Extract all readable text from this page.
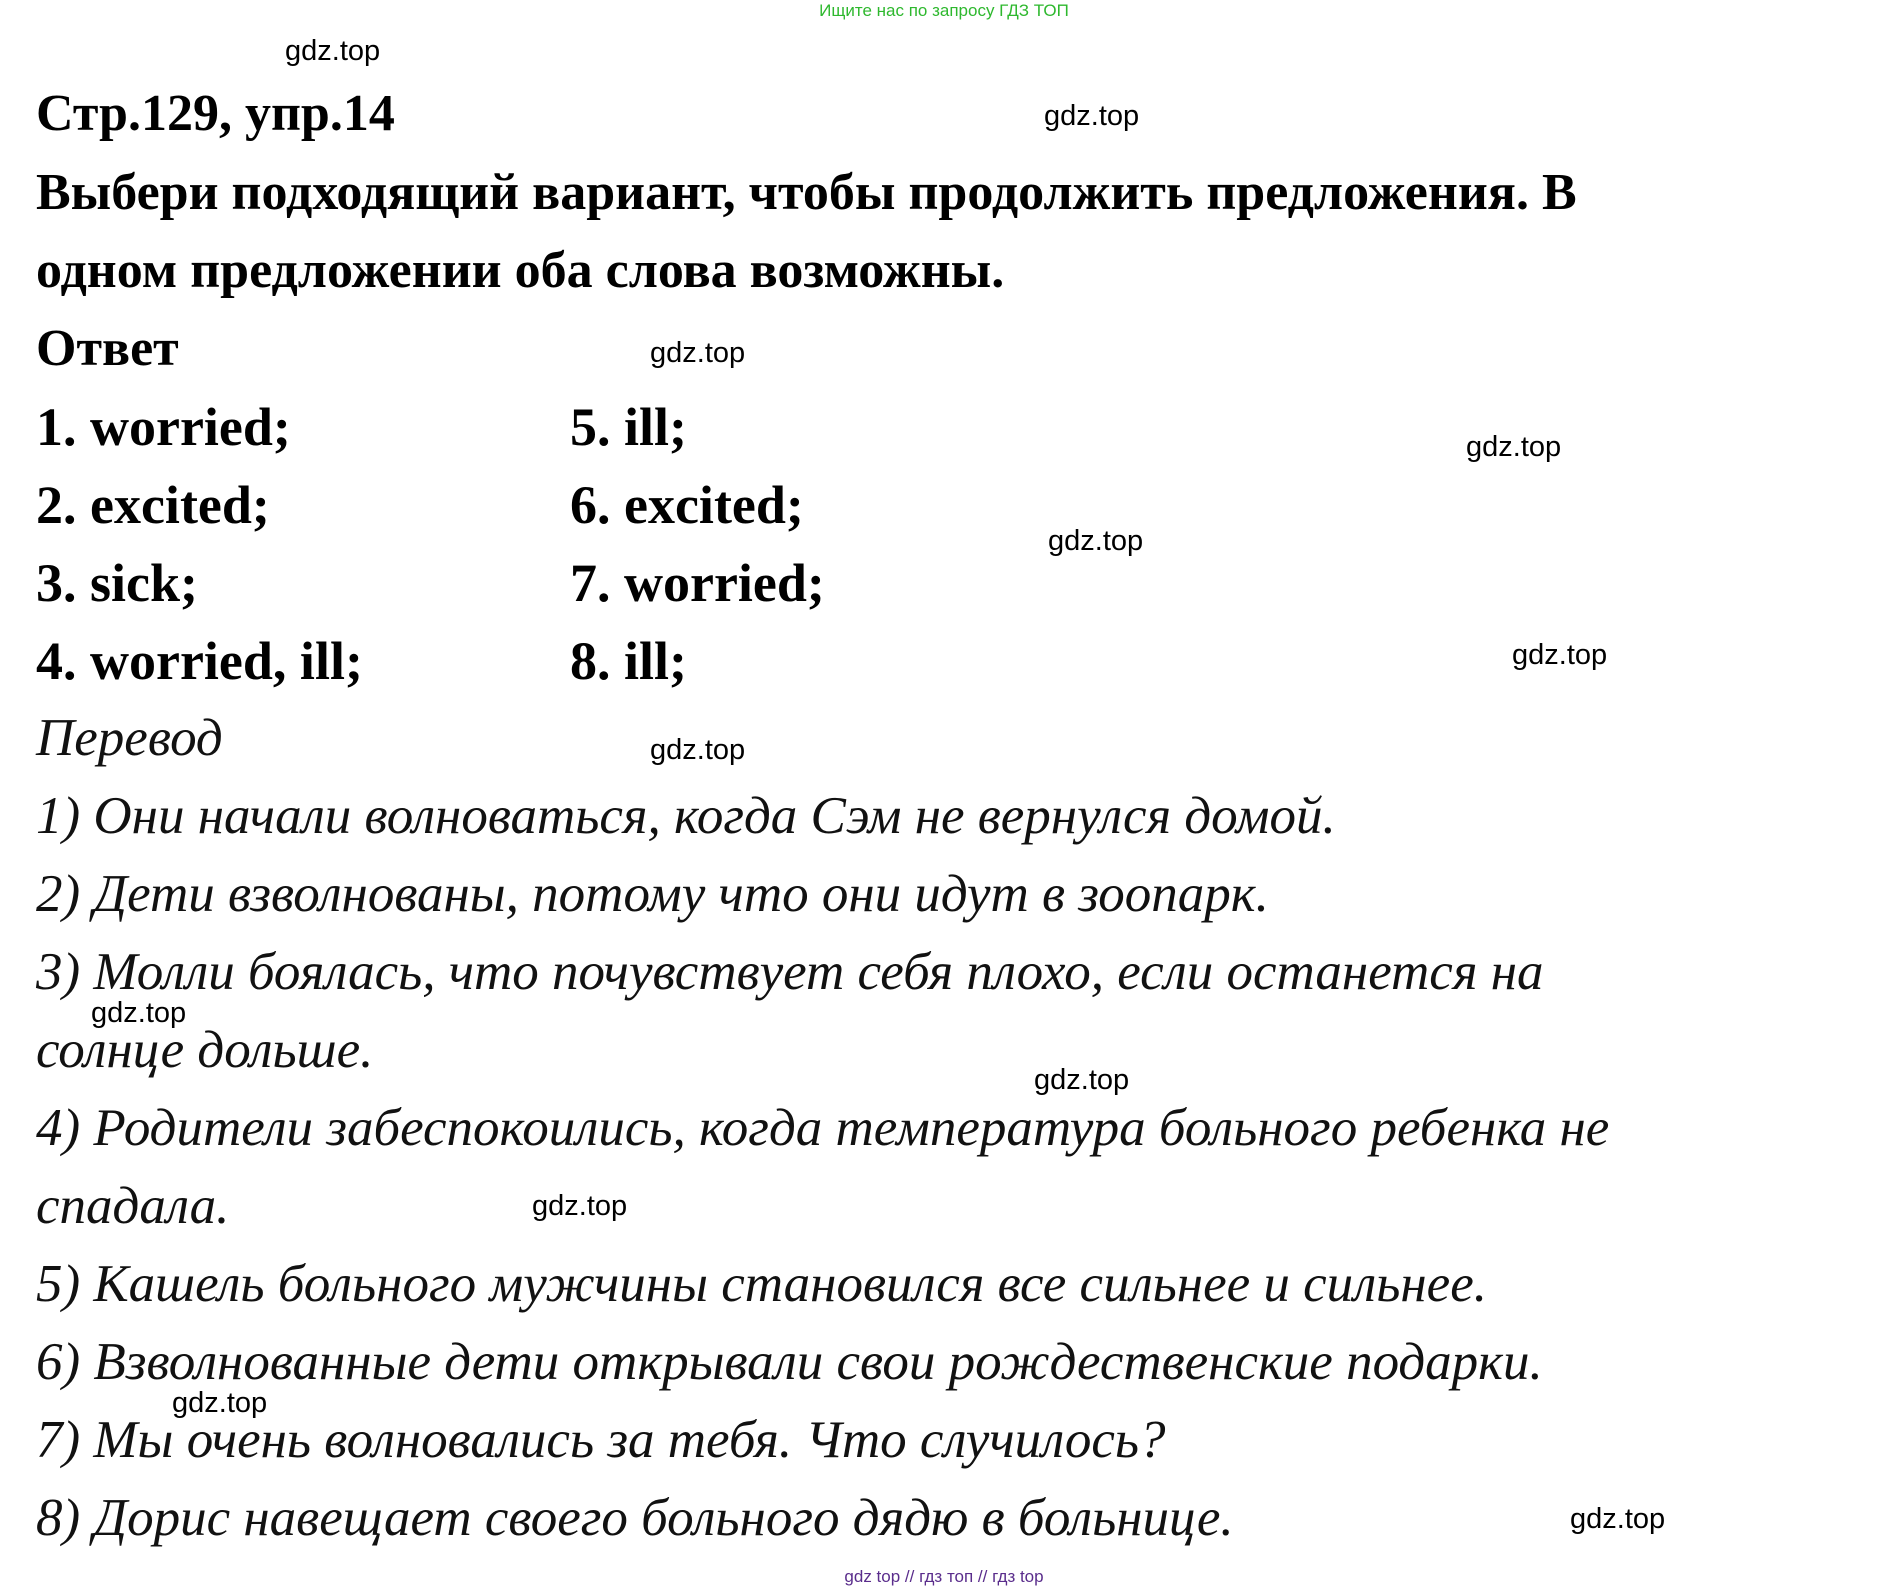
Ищите нас по запросу ГДЗ ТОП
Стр.129, упр.14
Выбери подходящий вариант, чтобы продолжить предложения. В
одном предложении оба слова возможны.
Ответ
1. worried;
2. excited;
3. sick;
4. worried, ill;
5. ill;
6. excited;
7. worried;
8. ill;
Перевод
1) Они начали волноваться, когда Сэм не вернулся домой.
2) Дети взволнованы, потому что они идут в зоопарк.
3) Молли боялась, что почувствует себя плохо, если останется на
солнце дольше.
4) Родители забеспокоились, когда температура больного ребенка не
спадала.
5) Кашель больного мужчины становился все сильнее и сильнее.
6) Взволнованные дети открывали свои рождественские подарки.
7) Мы очень волновались за тебя. Что случилось?
8) Дорис навещает своего больного дядю в больнице.
gdz.top
gdz.top
gdz.top
gdz.top
gdz.top
gdz.top
gdz.top
gdz.top
gdz.top
gdz.top
gdz.top
gdz.top
gdz top // гдз топ // гдз top
